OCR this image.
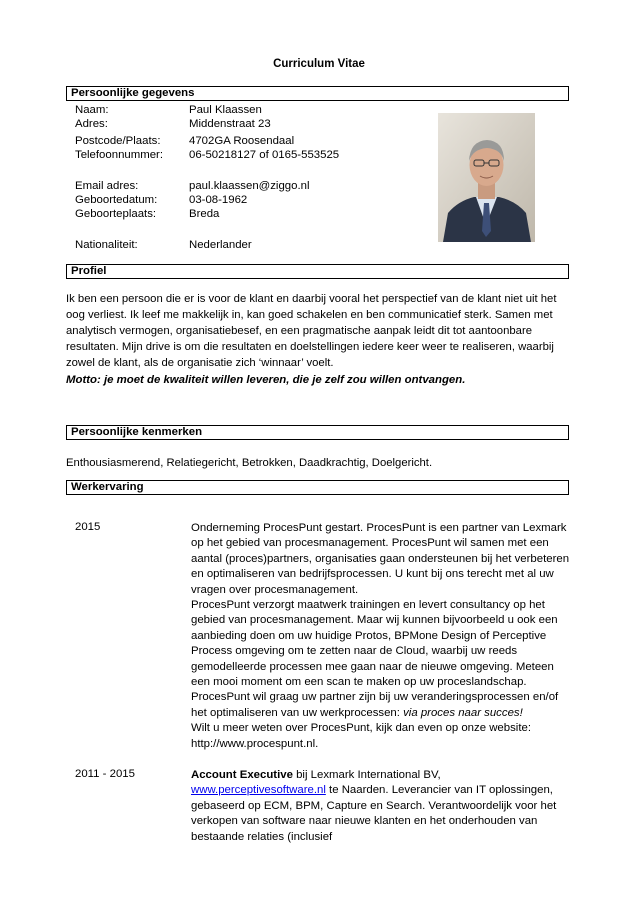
Curriculum Vitae
Persoonlijke gegevens
Naam:	Paul Klaassen
Adres:	Middenstraat 23
Postcode/Plaats:	4702GA Roosendaal
Telefoonnummer:	06-50218127 of 0165-553525
Email adres:	paul.klaassen@ziggo.nl
Geboortedatum:	03-08-1962
Geboorteplaats:	Breda
Nationaliteit:	Nederlander
Profiel
Ik ben een persoon die er is voor de klant en daarbij vooral het perspectief van de klant niet uit het oog verliest. Ik leef me makkelijk in, kan goed schakelen en ben communicatief sterk. Samen met analytisch vermogen, organisatiebesef, en een pragmatische aanpak leidt dit tot aantoonbare resultaten. Mijn drive is om die resultaten en doelstellingen iedere keer weer te realiseren, waarbij zowel de klant, als de organisatie zich ‘winnaar’ voelt.
Motto: je moet de kwaliteit willen leveren, die je zelf zou willen ontvangen.
Persoonlijke kenmerken
Enthousiasmerend, Relatiegericht, Betrokken, Daadkrachtig, Doelgericht.
Werkervaring
2015	Onderneming ProcesPunt gestart. ProcesPunt is een partner van Lexmark op het gebied van procesmanagement. ProcesPunt wil samen met een aantal (proces)partners, organisaties gaan ondersteunen bij het verbeteren en optimaliseren van bedrijfsprocessen. U kunt bij ons terecht met al uw vragen over procesmanagement.

ProcesPunt verzorgt maatwerk trainingen en levert consultancy op het gebied van procesmanagement. Maar wij kunnen bijvoorbeeld u ook een aanbieding doen om uw huidige Protos, BPMone Design of Perceptive Process omgeving om te zetten naar de Cloud, waarbij uw reeds gemodelleerde processen mee gaan naar de nieuwe omgeving. Meteen een mooi moment om een scan te maken op uw proceslandschap.

ProcesPunt wil graag uw partner zijn bij uw veranderingsprocessen en/of het optimaliseren van uw werkprocessen: via proces naar succes!

Wilt u meer weten over ProcesPunt, kijk dan even op onze website: http://www.procespunt.nl.

2011 - 2015	Account Executive bij Lexmark International BV, www.perceptivesoftware.nl te Naarden. Leverancier van IT oplossingen, gebaseerd op ECM, BPM, Capture en Search. Verantwoordelijk voor het verkopen van software naar nieuwe klanten en het onderhouden van bestaande relaties (inclusief
